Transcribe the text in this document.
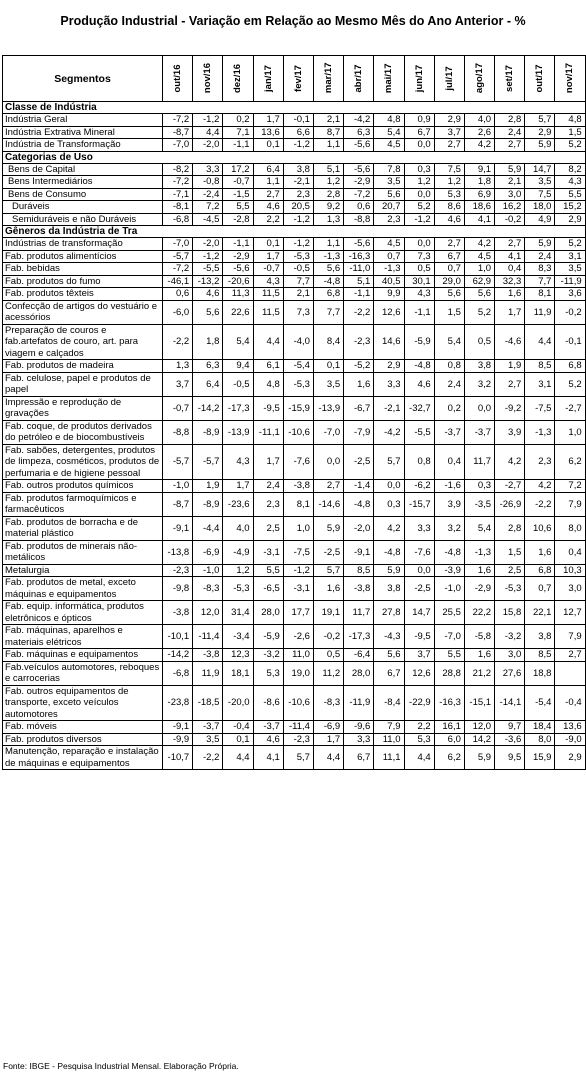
Produção Industrial - Variação em Relação ao Mesmo Mês do Ano Anterior - %
Segmentos	out/16	nov/16	dez/16	jan/17	fev/17	mar/17	abr/17	mai/17	jun/17	jul/17	ago/17	set/17	out/17	nov/17

Classe de Indústria														
Indústria Geral	-7,2	-1,2	0,2	1,7	-0,1	2,1	-4,2	4,8	0,9	2,9	4,0	2,8	5,7	4,8
Indústria Extrativa Mineral	-8,7	4,4	7,1	13,6	6,6	8,7	6,3	5,4	6,7	3,7	2,6	2,4	2,9	1,5
Indústria de Transformação	-7,0	-2,0	-1,1	0,1	-1,2	1,1	-5,6	4,5	0,0	2,7	4,2	2,7	5,9	5,2
Categorias de Uso														
Bens de Capital	-8,2	3,3	17,2	6,4	3,8	5,1	-5,6	7,8	0,3	7,5	9,1	5,9	14,7	8,2
Bens Intermediários	-7,2	-0,8	-0,7	1,1	-2,1	1,2	-2,9	3,5	1,2	1,2	1,8	2,1	3,5	4,3
Bens de Consumo	-7,1	-2,4	-1,5	2,7	2,3	2,8	-7,2	5,6	0,0	5,3	6,9	3,0	7,5	5,5
Duráveis	-8,1	7,2	5,5	4,6	20,5	9,2	0,6	20,7	5,2	8,6	18,6	16,2	18,0	15,2
Semiduráveis e não Duráveis	-6,8	-4,5	-2,8	2,2	-1,2	1,3	-8,8	2,3	-1,2	4,6	4,1	-0,2	4,9	2,9
Gêneros da Indústria de Tra														
Indústrias de transformação	-7,0	-2,0	-1,1	0,1	-1,2	1,1	-5,6	4,5	0,0	2,7	4,2	2,7	5,9	5,2
Fab. produtos alimentícios	-5,7	-1,2	-2,9	1,7	-5,3	-1,3	-16,3	0,7	7,3	6,7	4,5	4,1	2,4	3,1
Fab. bebidas	-7,2	-5,5	-5,6	-0,7	-0,5	5,6	-11,0	-1,3	0,5	0,7	1,0	0,4	8,3	3,5
Fab. produtos do fumo	-46,1	-13,2	-20,6	4,3	7,7	-4,8	5,1	40,5	30,1	29,0	62,9	32,3	7,7	-11,9
Fab. produtos têxteis	0,6	4,6	11,3	11,5	2,1	6,8	-1,1	9,9	4,3	5,6	5,6	1,6	8,1	3,6
Confecção de artigos do vestuário e acessórios	-6,0	5,6	22,6	11,5	7,3	7,7	-2,2	12,6	-1,1	1,5	5,2	1,7	11,9	-0,2
Preparação de couros e fab.artefatos de couro, art. para viagem e calçados	-2,2	1,8	5,4	4,4	-4,0	8,4	-2,3	14,6	-5,9	5,4	0,5	-4,6	4,4	-0,1
Fab. produtos de madeira	1,3	6,3	9,4	6,1	-5,4	0,1	-5,2	2,9	-4,8	0,8	3,8	1,9	8,5	6,8
Fab. celulose, papel e produtos de papel	3,7	6,4	-0,5	4,8	-5,3	3,5	1,6	3,3	4,6	2,4	3,2	2,7	3,1	5,2
Impressão e reprodução de gravações	-0,7	-14,2	-17,3	-9,5	-15,9	-13,9	-6,7	-2,1	-32,7	0,2	0,0	-9,2	-7,5	-2,7
Fab. coque, de produtos derivados do petróleo e de biocombustíveis	-8,8	-8,9	-13,9	-11,1	-10,6	-7,0	-7,9	-4,2	-5,5	-3,7	-3,7	3,9	-1,3	1,0
Fab. sabões, detergentes, produtos de limpeza, cosméticos, produtos de perfumaria e de higiene pessoal	-5,7	-5,7	4,3	1,7	-7,6	0,0	-2,5	5,7	0,8	0,4	11,7	4,2	2,3	6,2
Fab. outros produtos químicos	-1,0	1,9	1,7	2,4	-3,8	2,7	-1,4	0,0	-6,2	-1,6	0,3	-2,7	4,2	7,2
Fab. produtos farmoquímicos e farmacêuticos	-8,7	-8,9	-23,6	2,3	8,1	-14,6	-4,8	0,3	-15,7	3,9	-3,5	-26,9	-2,2	7,9
Fab. produtos de borracha e de material plástico	-9,1	-4,4	4,0	2,5	1,0	5,9	-2,0	4,2	3,3	3,2	5,4	2,8	10,6	8,0
Fab. produtos de minerais não-metálicos	-13,8	-6,9	-4,9	-3,1	-7,5	-2,5	-9,1	-4,8	-7,6	-4,8	-1,3	1,5	1,6	0,4
Metalurgia	-2,3	-1,0	1,2	5,5	-1,2	5,7	8,5	5,9	0,0	-3,9	1,6	2,5	6,8	10,3
Fab. produtos de metal, exceto máquinas e equipamentos	-9,8	-8,3	-5,3	-6,5	-3,1	1,6	-3,8	3,8	-2,5	-1,0	-2,9	-5,3	0,7	3,0
Fab. equip. informática, produtos eletrônicos e ópticos	-3,8	12,0	31,4	28,0	17,7	19,1	11,7	27,8	14,7	25,5	22,2	15,8	22,1	12,7
Fab. máquinas, aparelhos e materiais elétricos	-10,1	-11,4	-3,4	-5,9	-2,6	-0,2	-17,3	-4,3	-9,5	-7,0	-5,8	-3,2	3,8	7,9
Fab. máquinas e equipamentos	-14,2	-3,8	12,3	-3,2	11,0	0,5	-6,4	5,6	3,7	5,5	1,6	3,0	8,5	2,7
Fab.veículos automotores, reboques e carrocerias	-6,8	11,9	18,1	5,3	19,0	11,2	28,0	6,7	12,6	28,8	21,2	27,6	18,8	
Fab. outros equipamentos de transporte, exceto veículos automotores	-23,8	-18,5	-20,0	-8,6	-10,6	-8,3	-11,9	-8,4	-22,9	-16,3	-15,1	-14,1	-5,4	-0,4
Fab. móveis	-9,1	-3,7	-0,4	-3,7	-11,4	-6,9	-9,6	7,9	2,2	16,1	12,0	9,7	18,4	13,6
Fab. produtos diversos	-9,9	3,5	0,1	4,6	-2,3	1,7	3,3	11,0	5,3	6,0	14,2	-3,6	8,0	-9,0
Manutenção, reparação e instalação de máquinas e equipamentos	-10,7	-2,2	4,4	4,1	5,7	4,4	6,7	11,1	4,4	6,2	5,9	9,5	15,9	2,9
Fonte: IBGE - Pesquisa Industrial Mensal. Elaboração Própria.
